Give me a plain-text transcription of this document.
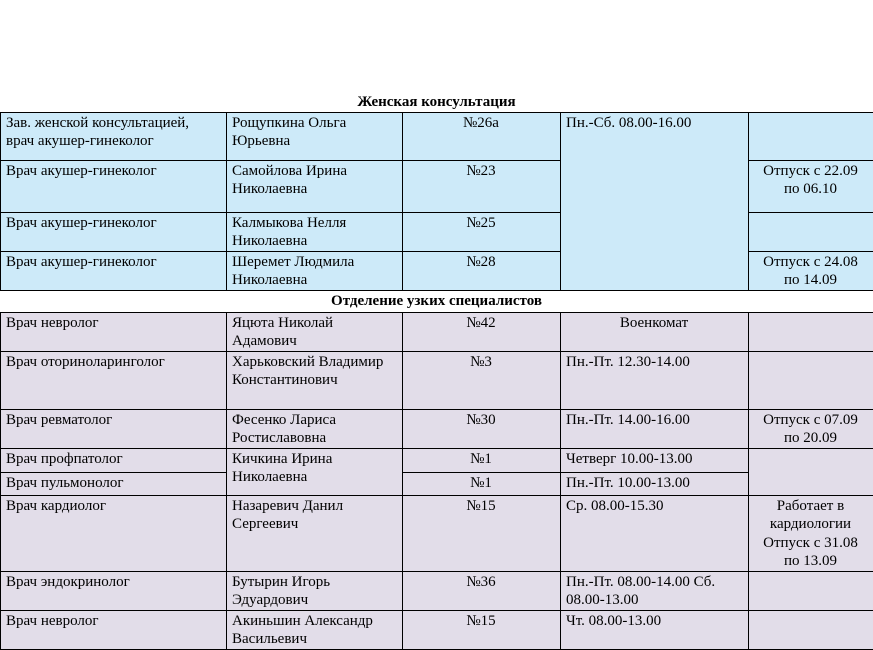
Женская консультация				
Зав. женской консультацией,
врач акушер-гинеколог	Рощупкина Ольга Юрьевна	№26а	Пн.-Сб. 08.00-16.00	
Врач акушер-гинеколог	Самойлова Ирина Николаевна	№23		Отпуск с 22.09 по 06.10
Врач акушер-гинеколог	Калмыкова Нелля Николаевна	№25		
Врач акушер-гинеколог	Шеремет Людмила Николаевна	№28		Отпуск с 24.08 по 14.09
Отделение узких специалистов				
Врач невролог	Яцюта Николай Адамович	№42	Военкомат	
Врач оториноларинголог	Харьковский Владимир Константинович	№3	Пн.-Пт. 12.30-14.00	
Врач ревматолог	Фесенко Лариса Ростиславовна	№30	Пн.-Пт. 14.00-16.00	Отпуск с 07.09 по 20.09
Врач профпатолог	Кичкина Ирина Николаевна	№1	Четверг 10.00-13.00	
Врач пульмонолог		№1	Пн.-Пт. 10.00-13.00	
Врач кардиолог	Назаревич Данил Сергеевич	№15	Ср. 08.00-15.30	Работает в кардиологии Отпуск с 31.08 по 13.09
Врач эндокринолог	Бутырин Игорь Эдуардович	№36	Пн.-Пт. 08.00-14.00 Сб. 08.00-13.00	
Врач невролог	Акиньшин Александр Васильевич	№15	Чт. 08.00-13.00	
